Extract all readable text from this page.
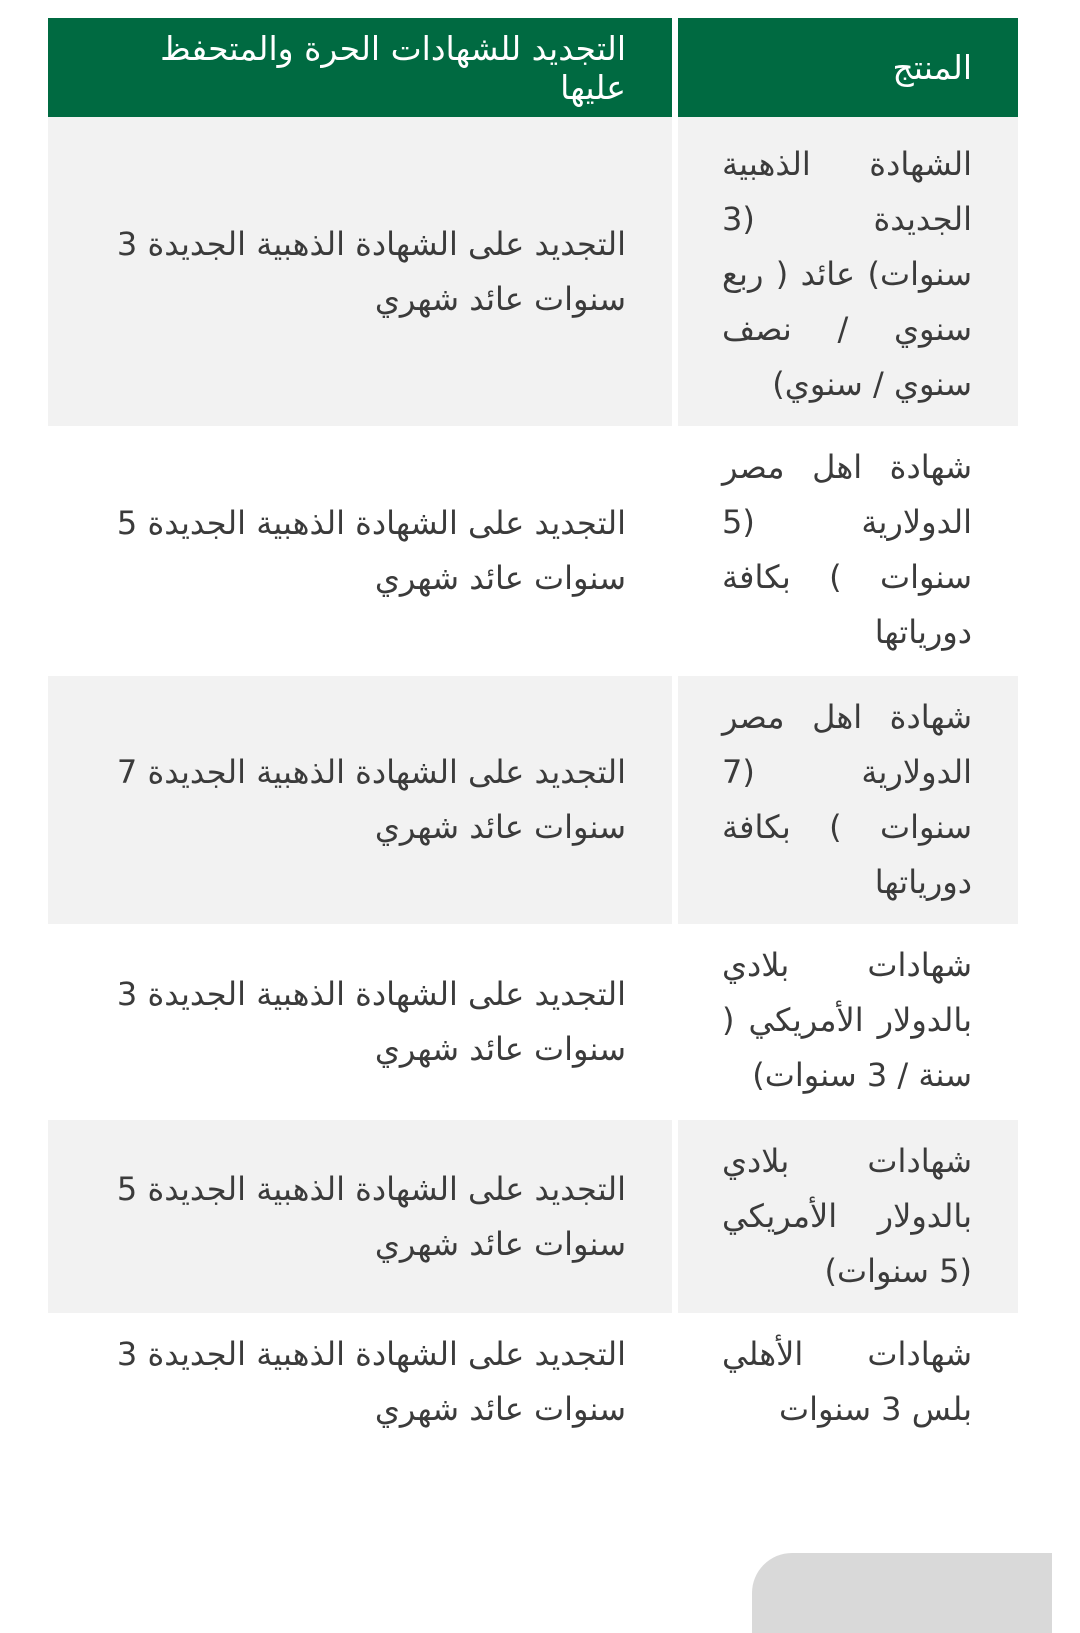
المنتج	التجديد للشهادات الحرة والمتحفظ عليها
الشهادة الذهبية الجديدة (3 سنوات) عائد ( ربع سنوي / نصف سنوي / سنوي)	التجديد على الشهادة الذهبية الجديدة 3 سنوات عائد شهري
شهادة اهل مصر الدولارية (5 سنوات ) بكافة دورياتها	التجديد على الشهادة الذهبية الجديدة 5 سنوات عائد شهري
شهادة اهل مصر الدولارية (7 سنوات ) بكافة دورياتها	التجديد على الشهادة الذهبية الجديدة 7 سنوات عائد شهري
شهادات بلادي بالدولار الأمريكي ( سنة / 3 سنوات)	التجديد على الشهادة الذهبية الجديدة 3 سنوات عائد شهري
شهادات بلادي بالدولار الأمريكي (5 سنوات)	التجديد على الشهادة الذهبية الجديدة 5 سنوات عائد شهري
شهادات الأهلي بلس 3 سنوات	التجديد على الشهادة الذهبية الجديدة 3 سنوات عائد شهري
